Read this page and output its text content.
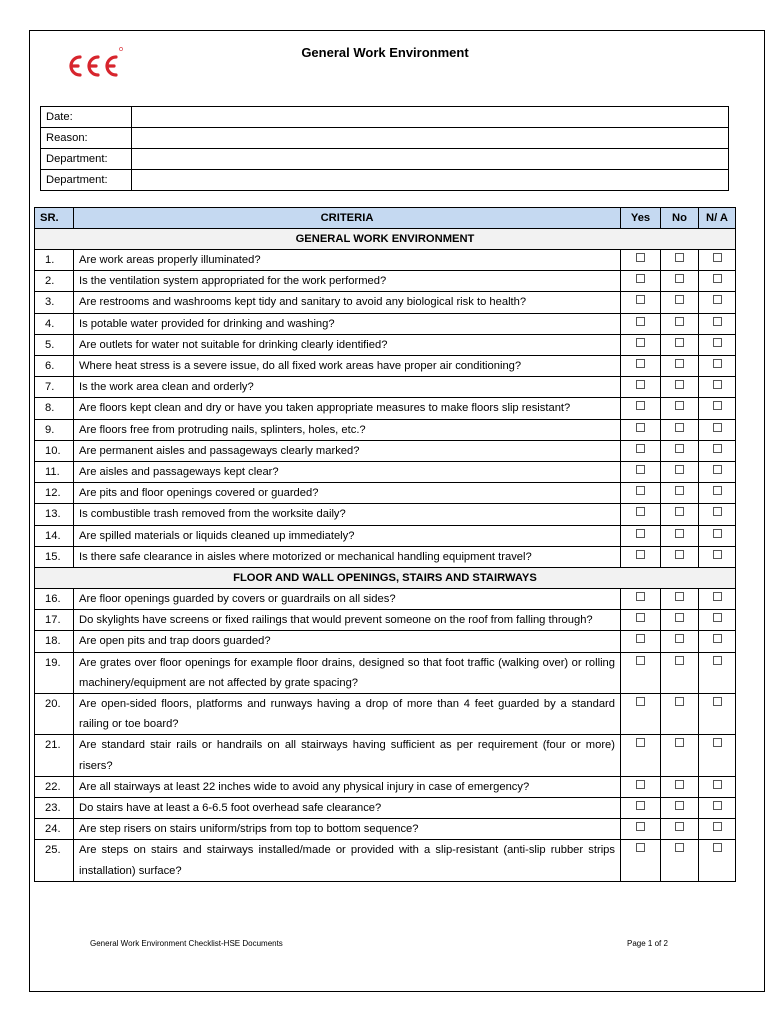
General Work Environment
Date:	
Reason:	
Department:	
Department:	
SR.	CRITERIA	Yes	No	N/ A
GENERAL WORK ENVIRONMENT				
1.	Are work areas properly illuminated?			
2.	Is the ventilation system appropriated for the work performed?			
3.	Are restrooms and washrooms kept tidy and sanitary to avoid any biological risk to health?			
4.	Is potable water provided for drinking and washing?			
5.	Are outlets for water not suitable for drinking clearly identified?			
6.	Where heat stress is a severe issue, do all fixed work areas have proper air conditioning?			
7.	Is the work area clean and orderly?			
8.	Are floors kept clean and dry or have you taken appropriate measures to make floors slip resistant?			
9.	Are floors free from protruding nails, splinters, holes, etc.?			
10.	Are permanent aisles and passageways clearly marked?			
11.	Are aisles and passageways kept clear?			
12.	Are pits and floor openings covered or guarded?			
13.	Is combustible trash removed from the worksite daily?			
14.	Are spilled materials or liquids cleaned up immediately?			
15.	Is there safe clearance in aisles where motorized or mechanical handling equipment travel?			
FLOOR AND WALL OPENINGS, STAIRS AND STAIRWAYS				
16.	Are floor openings guarded by covers or guardrails on all sides?			
17.	Do skylights have screens or fixed railings that would prevent someone on the roof from falling through?			
18.	Are open pits and trap doors guarded?			
19.	Are grates over floor openings for example floor drains, designed so that foot traffic (walking over) or rolling machinery/equipment are not affected by grate spacing?			
20.	Are open-sided floors, platforms and runways having a drop of more than 4 feet guarded by a standard railing or toe board?			
21.	Are standard stair rails or handrails on all stairways having sufficient as per requirement (four or more) risers?			
22.	Are all stairways at least 22 inches wide to avoid any physical injury in case of emergency?			
23.	Do stairs have at least a 6-6.5 foot overhead safe clearance?			
24.	Are step risers on stairs uniform/strips from top to bottom sequence?			
25.	Are steps on stairs and stairways installed/made or provided with a slip-resistant (anti-slip rubber strips installation) surface?			
General Work Environment Checklist-HSE Documents	Page 1 of 2
